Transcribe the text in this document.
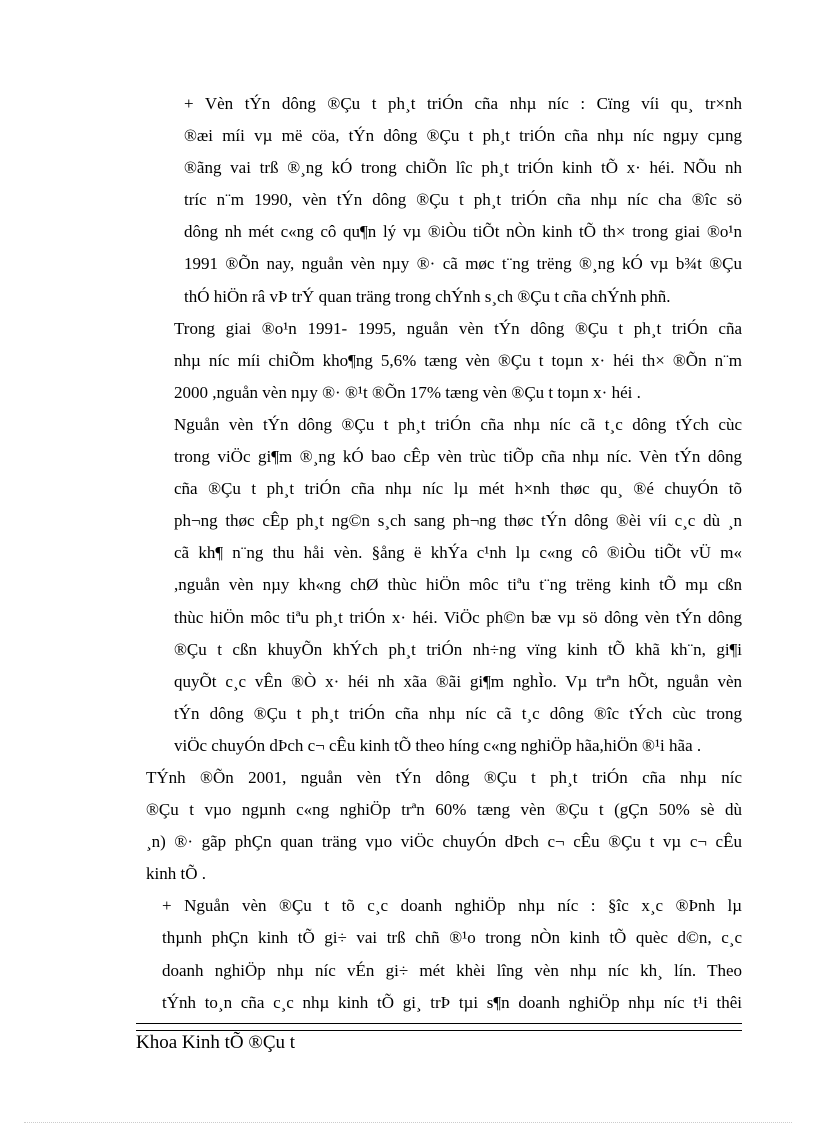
+ Vèn tÝn dông ®Çu t ph¸t triÓn cña nhµ níc : Cïng víi qu¸ tr×nh
®æi míi vµ më cöa, tÝn dông ®Çu t ph¸t triÓn cña nhµ níc ngµy cµng
®ãng vai trß ®¸ng kÓ trong chiÕn lîc ph¸t triÓn kinh tÕ x· héi. NÕu nh
tríc n¨m 1990, vèn tÝn dông ®Çu t ph¸t triÓn cña nhµ níc cha ®îc sö
dông nh mét c«ng cô qu¶n lý vµ ®iÒu tiÕt nÒn kinh tÕ th× trong giai ®o¹n
1991 ®Õn nay, nguån vèn nµy ®· cã møc t¨ng trëng ®¸ng kÓ vµ b¾t ®Çu
thÓ hiÖn râ vÞ trÝ quan träng trong chÝnh s¸ch ®Çu t cña chÝnh phñ.

Trong giai ®o¹n 1991- 1995, nguån vèn tÝn dông ®Çu t ph¸t triÓn cña
nhµ níc míi chiÕm kho¶ng 5,6% tæng vèn ®Çu t toµn x· héi th× ®Õn n¨m
2000 ,nguån vèn nµy ®· ®¹t ®Õn 17% tæng vèn ®Çu t toµn x· héi .

Nguån vèn tÝn dông ®Çu t ph¸t triÓn cña nhµ níc cã t¸c dông tÝch cùc
trong viÖc gi¶m ®¸ng kÓ bao cÊp vèn trùc tiÕp cña nhµ níc. Vèn tÝn dông
cña ®Çu t ph¸t triÓn cña nhµ níc lµ mét h×nh thøc qu¸ ®é chuyÓn tõ
ph¬ng thøc cÊp ph¸t ng©n s¸ch sang ph¬ng thøc tÝn dông ®èi víi c¸c dù ¸n
cã kh¶ n¨ng thu håi vèn. §ång ë khÝa c¹nh lµ c«ng cô ®iÒu tiÕt vÜ m«
,nguån vèn nµy kh«ng chØ thùc hiÖn môc tiªu t¨ng trëng kinh tÕ mµ cßn
thùc hiÖn môc tiªu ph¸t triÓn x· héi. ViÖc ph©n bæ vµ sö dông vèn tÝn dông
®Çu t cßn khuyÕn khÝch ph¸t triÓn nh÷ng vïng kinh tÕ khã kh¨n, gi¶i
quyÕt c¸c vÊn ®Ò x· héi nh xãa ®ãi gi¶m nghÌo. Vµ trªn hÕt, nguån vèn
tÝn dông ®Çu t ph¸t triÓn cña nhµ níc cã t¸c dông ®îc tÝch cùc trong
viÖc chuyÓn dÞch c¬ cÊu kinh tÕ theo híng c«ng nghiÖp hãa,hiÖn ®¹i hãa .

TÝnh ®Õn 2001, nguån vèn tÝn dông ®Çu t ph¸t triÓn cña nhµ níc
®Çu t vµo ngµnh c«ng nghiÖp trªn 60% tæng vèn ®Çu t (gÇn 50% sè dù
¸n) ®· gãp phÇn quan träng vµo viÖc chuyÓn dÞch c¬ cÊu ®Çu t vµ c¬ cÊu
kinh tÕ .

+ Nguån vèn ®Çu t tõ c¸c doanh nghiÖp nhµ níc : §îc x¸c ®Þnh lµ
thµnh phÇn kinh tÕ gi÷ vai trß chñ ®¹o trong nÒn kinh tÕ quèc d©n, c¸c
doanh nghiÖp nhµ níc vÉn gi÷ mét khèi lîng vèn nhµ níc kh¸ lín. Theo
tÝnh to¸n cña c¸c nhµ kinh tÕ gi¸ trÞ tµi s¶n doanh nghiÖp nhµ níc t¹i thêi

Khoa Kinh tÕ ®Çu t
